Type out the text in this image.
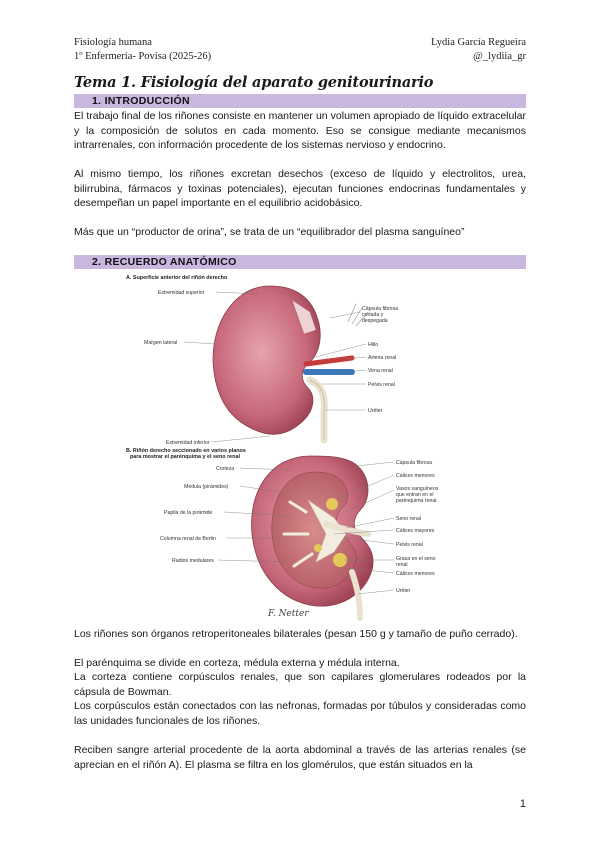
Fisiología humana
1º Enfermería- Povisa (2025-26)
Lydia García Regueira
@_lydiia_gr
Tema 1. Fisiología del aparato genitourinario
1. INTRODUCCIÓN
El trabajo final de los riñones consiste en mantener un volumen apropiado de líquido extracelular y la composición de solutos en cada momento. Eso se consigue mediante mecanismos intrarrenales, con información procedente de los sistemas nervioso y endocrino.
Al mismo tiempo, los riñones excretan desechos (exceso de líquido y electrolitos, urea, bilirrubina, fármacos y toxinas potenciales), ejecutan funciones endocrinas fundamentales y desempeñan un papel importante en el equilibrio acidobásico.
Más que un “productor de orina”, se trata de un “equilibrador del plasma sanguíneo”
2. RECUERDO ANATÓMICO
A. Superficie anterior del riñón derecho
Extremidad superior
Cápsula fibrosa
cortada y
despegada
Margen lateral	Hilio
Arteria renal
Vena renal
Pelvis renal
Uréter
Extremidad inferior
B. Riñón derecho seccionado en varios planos
para mostrar el parénquima y el seno renal
Corteza
Médula (pirámides)
Papila de la pirámide
Columna renal de Bertin
Radios medulares
Cápsula fibrosa
Cálices menores
Vasos sanguíneos
que entran en el
parénquima renal
Seno renal
Cálices mayores
Pelvis renal
Grasa en el seno
renal
Cálices menores
Uréter
F. Netter
Los riñones son órganos retroperitoneales bilaterales (pesan 150 g y tamaño de puño cerrado).
El parénquima se divide en corteza, médula externa y médula interna.
La corteza contiene corpúsculos renales, que son capilares glomerulares rodeados por la cápsula de Bowman.
Los corpúsculos están conectados con las nefronas, formadas por túbulos y consideradas como las unidades funcionales de los riñones.
Reciben sangre arterial procedente de la aorta abdominal a través de las arterias renales (se aprecian en el riñón A). El plasma se filtra en los glomérulos, que están situados en la
1
